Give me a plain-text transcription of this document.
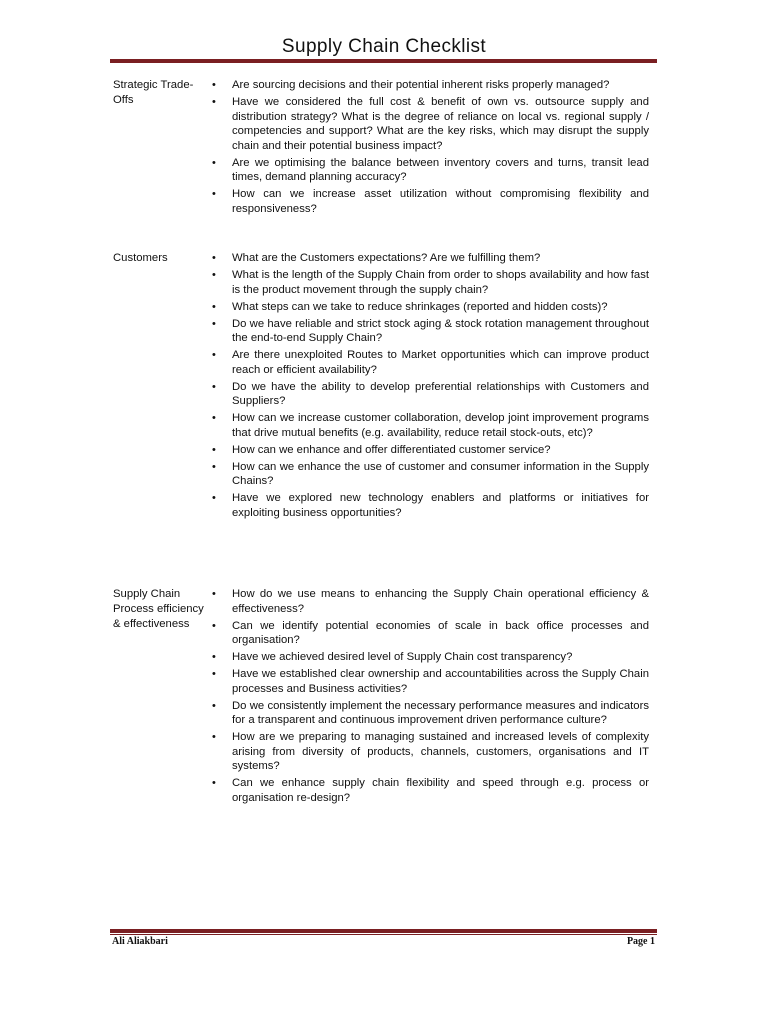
Supply Chain Checklist
Strategic Trade-Offs
• Are sourcing decisions and their potential inherent risks properly managed?
• Have we considered the full cost & benefit of own vs. outsource supply and distribution strategy? What is the degree of reliance on local vs. regional supply / competencies and support? What are the key risks, which may disrupt the supply chain and their potential business impact?
• Are we optimising the balance between inventory covers and turns, transit lead times, demand planning accuracy?
• How can we increase asset utilization without compromising flexibility and responsiveness?
Customers	• What are the Customers expectations? Are we fulfilling them?
• What is the length of the Supply Chain from order to shops availability and how fast is the product movement through the supply chain?
• What steps can we take to reduce shrinkages (reported and hidden costs)?
• Do we have reliable and strict stock aging & stock rotation management throughout the end-to-end Supply Chain?
• Are there unexploited Routes to Market opportunities which can improve product reach or efficient availability?
• Do we have the ability to develop preferential relationships with Customers and Suppliers?
• How can we increase customer collaboration, develop joint improvement programs that drive mutual benefits (e.g. availability, reduce retail stock-outs, etc)?
• How can we enhance and offer differentiated customer service?
• How can we enhance the use of customer and consumer information in the Supply Chains?
• Have we explored new technology enablers and platforms or initiatives for exploiting business opportunities?
Supply Chain Process efficiency & effectiveness
• How do we use means to enhancing the Supply Chain operational efficiency & effectiveness?
• Can we identify potential economies of scale in back office processes and organisation?
• Have we achieved desired level of Supply Chain cost transparency?
• Have we established clear ownership and accountabilities across the Supply Chain processes and Business activities?
• Do we consistently implement the necessary performance measures and indicators for a transparent and continuous improvement driven performance culture?
• How are we preparing to managing sustained and increased levels of complexity arising from diversity of products, channels, customers, organisations and IT systems?
• Can we enhance supply chain flexibility and speed through e.g. process or organisation re-design?
Ali Aliakbari	Page 1
